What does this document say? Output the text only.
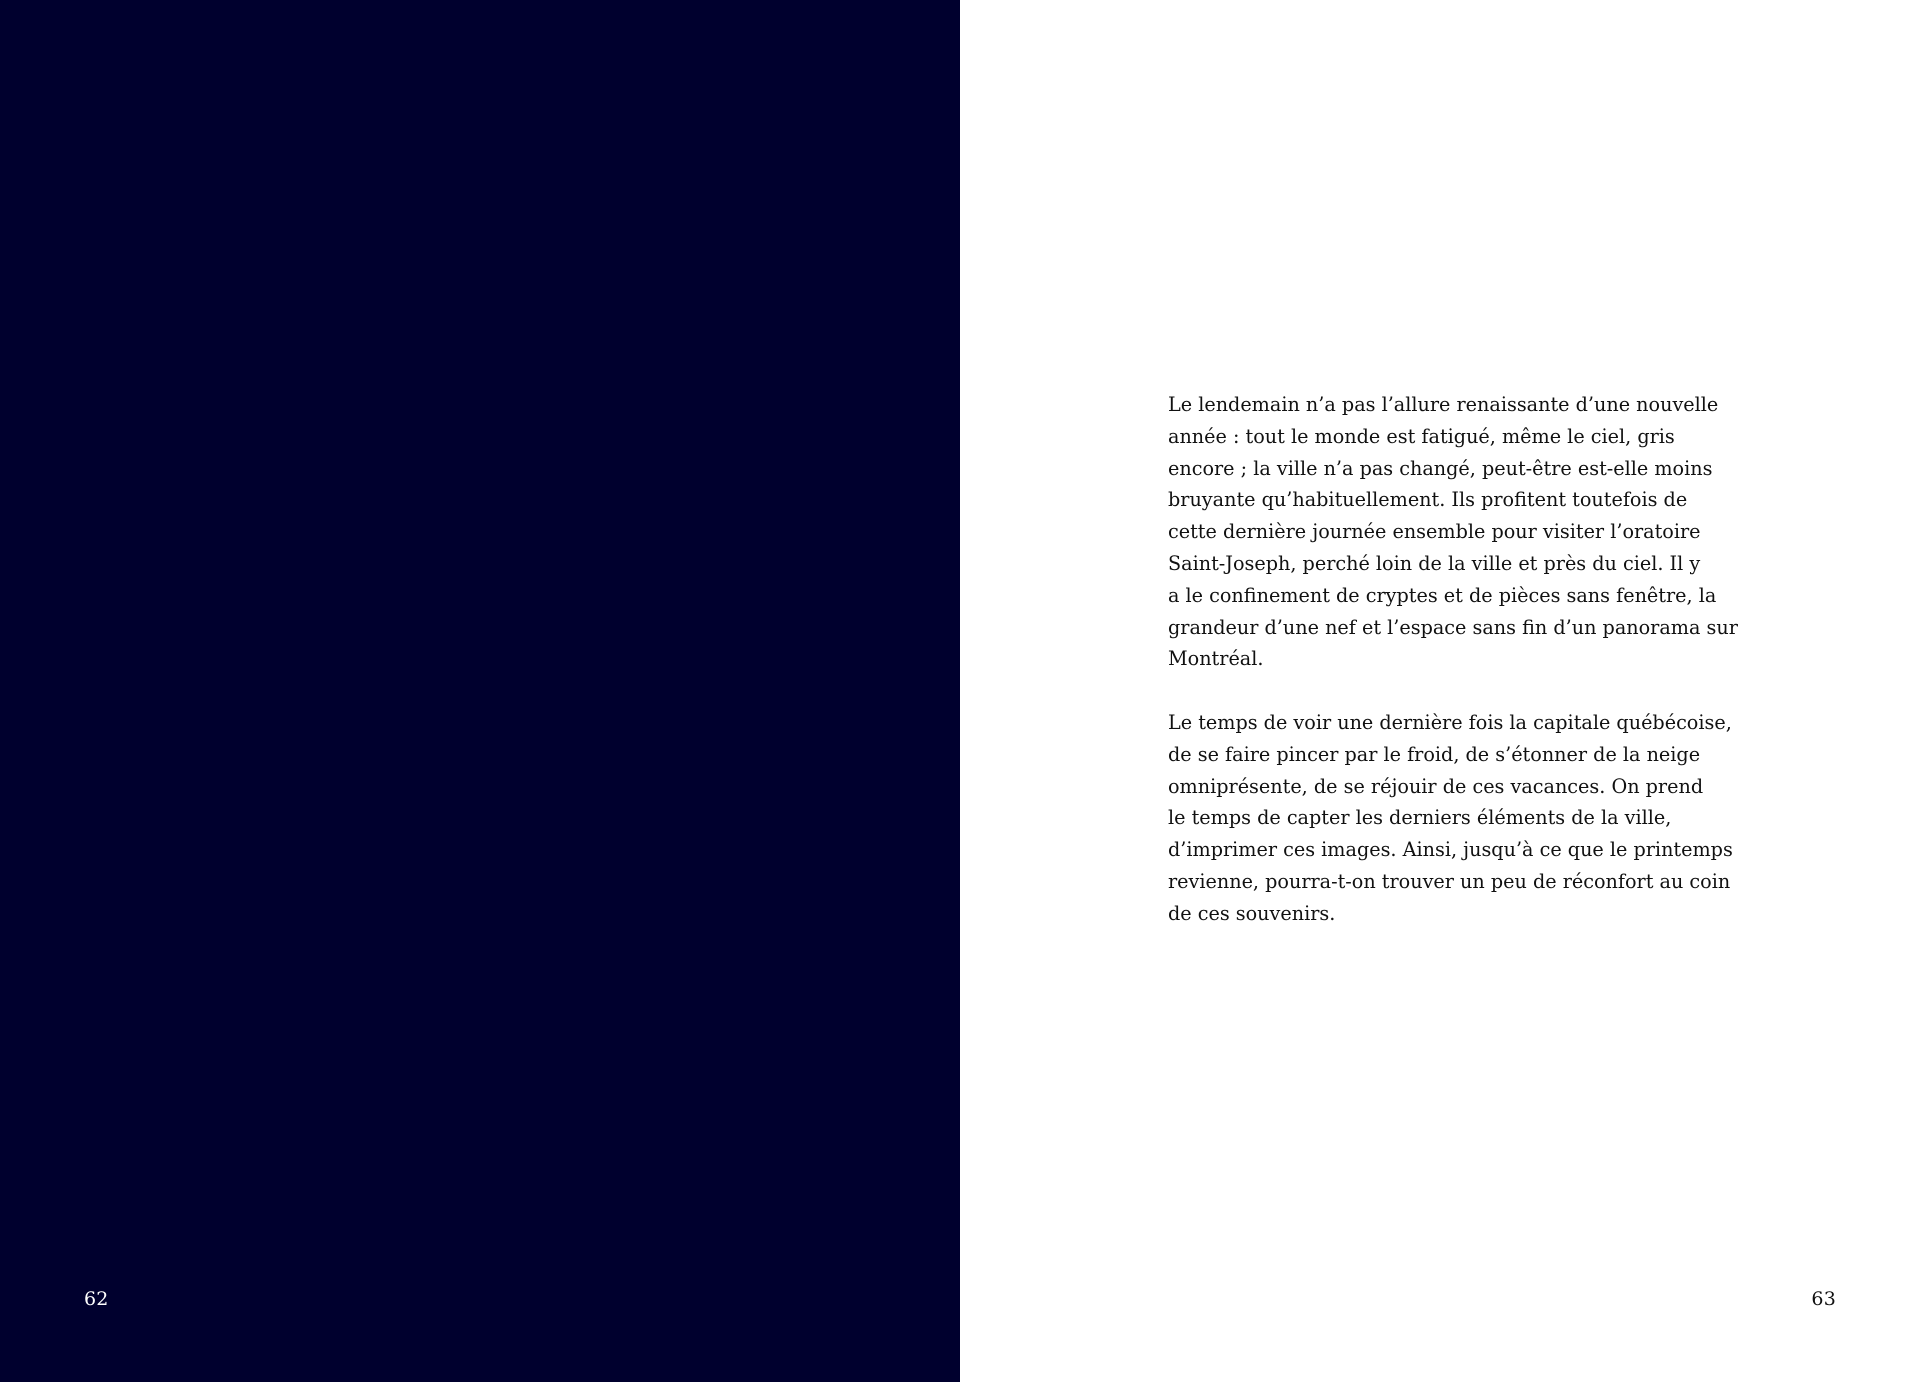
62
Le lendemain n’a pas l’allure renaissante d’une nouvelle
année : tout le monde est fatigué, même le ciel, gris
encore ; la ville n’a pas changé, peut-être est-elle moins
bruyante qu’habituellement. Ils profitent toutefois de
cette dernière journée ensemble pour visiter l’oratoire
Saint-Joseph, perché loin de la ville et près du ciel. Il y
a le confinement de cryptes et de pièces sans fenêtre, la
grandeur d’une nef et l’espace sans fin d’un panorama sur
Montréal.
Le temps de voir une dernière fois la capitale québécoise,
de se faire pincer par le froid, de s’étonner de la neige
omniprésente, de se réjouir de ces vacances. On prend
le temps de capter les derniers éléments de la ville,
d’imprimer ces images. Ainsi, jusqu’à ce que le printemps
revienne, pourra-t-on trouver un peu de réconfort au coin
de ces souvenirs.
63
